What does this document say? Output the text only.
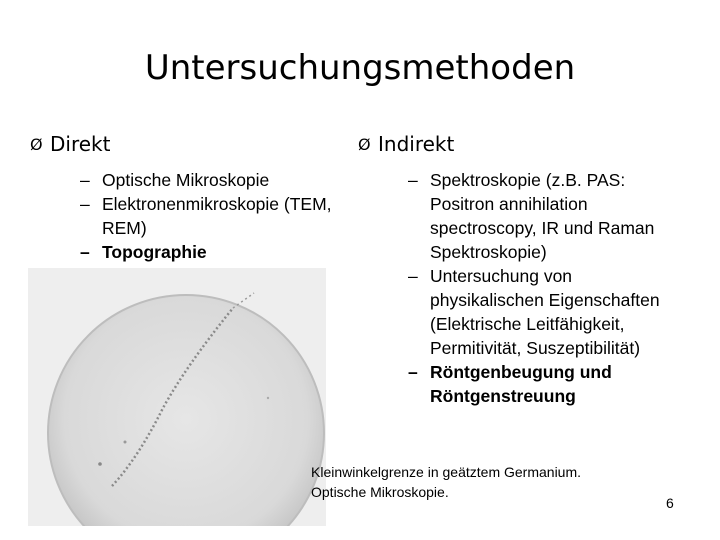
Untersuchungsmethoden
Ø Direkt
– Optische Mikroskopie
– Elektronenmikroskopie (TEM, REM)
– Topographie
Ø Indirekt
– Spektroskopie (z.B. PAS: Positron annihilation spectroscopy, IR und Raman Spektroskopie)
– Untersuchung von physikalischen Eigenschaften (Elektrische Leitfähigkeit, Permitivität, Suszeptibilität)
– Röntgenbeugung und Röntgenstreuung
Kleinwinkelgrenze in geätztem Germanium.
Optische Mikroskopie.
6
